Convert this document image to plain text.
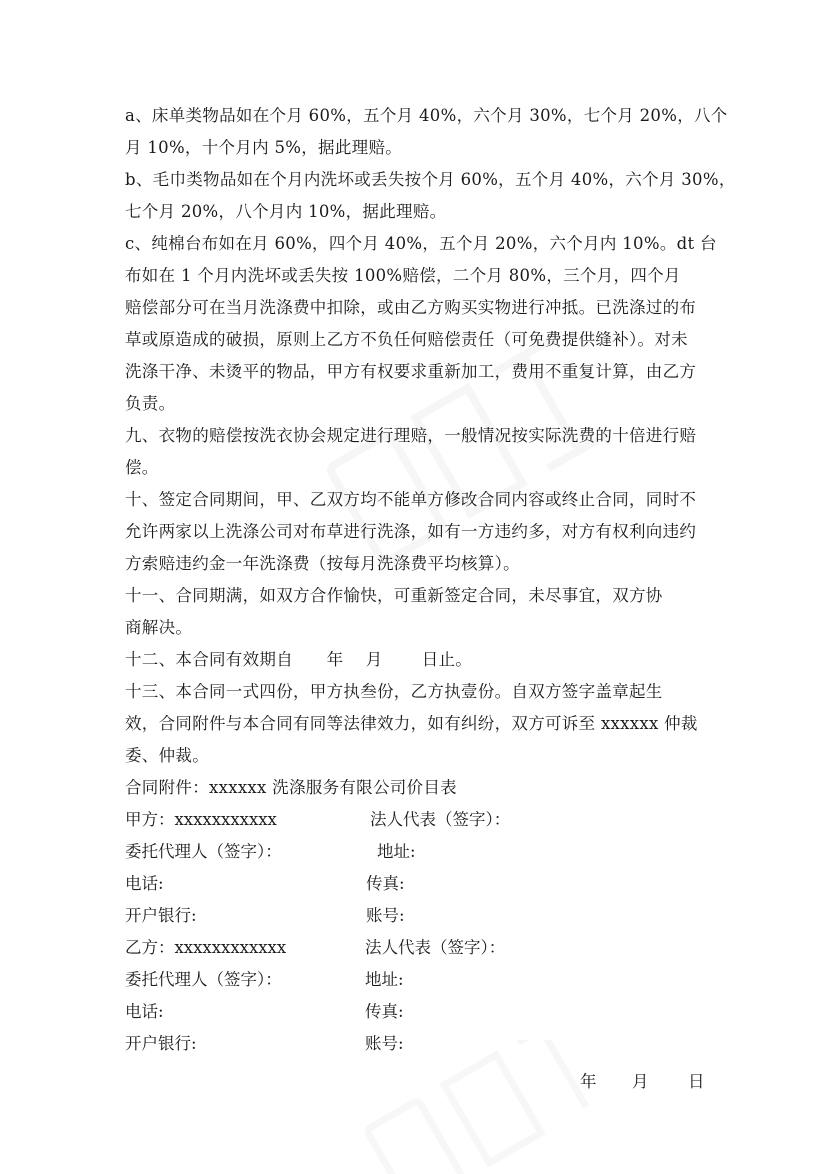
a、床单类物品如在个月 60%，五个月 40%，六个月 30%，七个月 20%，八个
月 10%，十个月内 5%，据此理赔。

b、毛巾类物品如在个月内洗坏或丢失按个月 60%，五个月 40%，六个月 30%，
七个月 20%，八个月内 10%，据此理赔。

c、纯棉台布如在月 60%，四个月 40%，五个月 20%，六个月内 10%。dt 台
布如在 1 个月内洗坏或丢失按 100%赔偿，二个月 80%，三个月，四个月
赔偿部分可在当月洗涤费中扣除，或由乙方购买实物进行冲抵。已洗涤过的布
草或原造成的破损，原则上乙方不负任何赔偿责任（可免费提供缝补）。对未
洗涤干净、未烫平的物品，甲方有权要求重新加工，费用不重复计算，由乙方
负责。

九、衣物的赔偿按洗衣协会规定进行理赔，一般情况按实际洗费的十倍进行赔
偿。

十、签定合同期间，甲、乙双方均不能单方修改合同内容或终止合同，同时不
允许两家以上洗涤公司对布草进行洗涤，如有一方违约多，对方有权利向违约
方索赔违约金一年洗涤费（按每月洗涤费平均核算）。

十一、合同期满，如双方合作愉快，可重新签定合同，未尽事宜，双方协
商解决。

十二、本合同有效期自　　年　 月　　 日止。

十三、本合同一式四份，甲方执叁份，乙方执壹份。自双方签字盖章起生
效，合同附件与本合同有同等法律效力，如有纠纷，双方可诉至 xxxxxx 仲裁
委、仲裁。

合同附件：xxxxxx 洗涤服务有限公司价目表

甲方：xxxxxxxxxxx	法人代表（签字）：
委托代理人（签字）：	地址:
电话:	传真:
开户银行:	账号:
乙方：xxxxxxxxxxxx	法人代表（签字）：
委托代理人（签字）：	地址:
电话:	传真:
开户银行:	账号:
年 月 日
